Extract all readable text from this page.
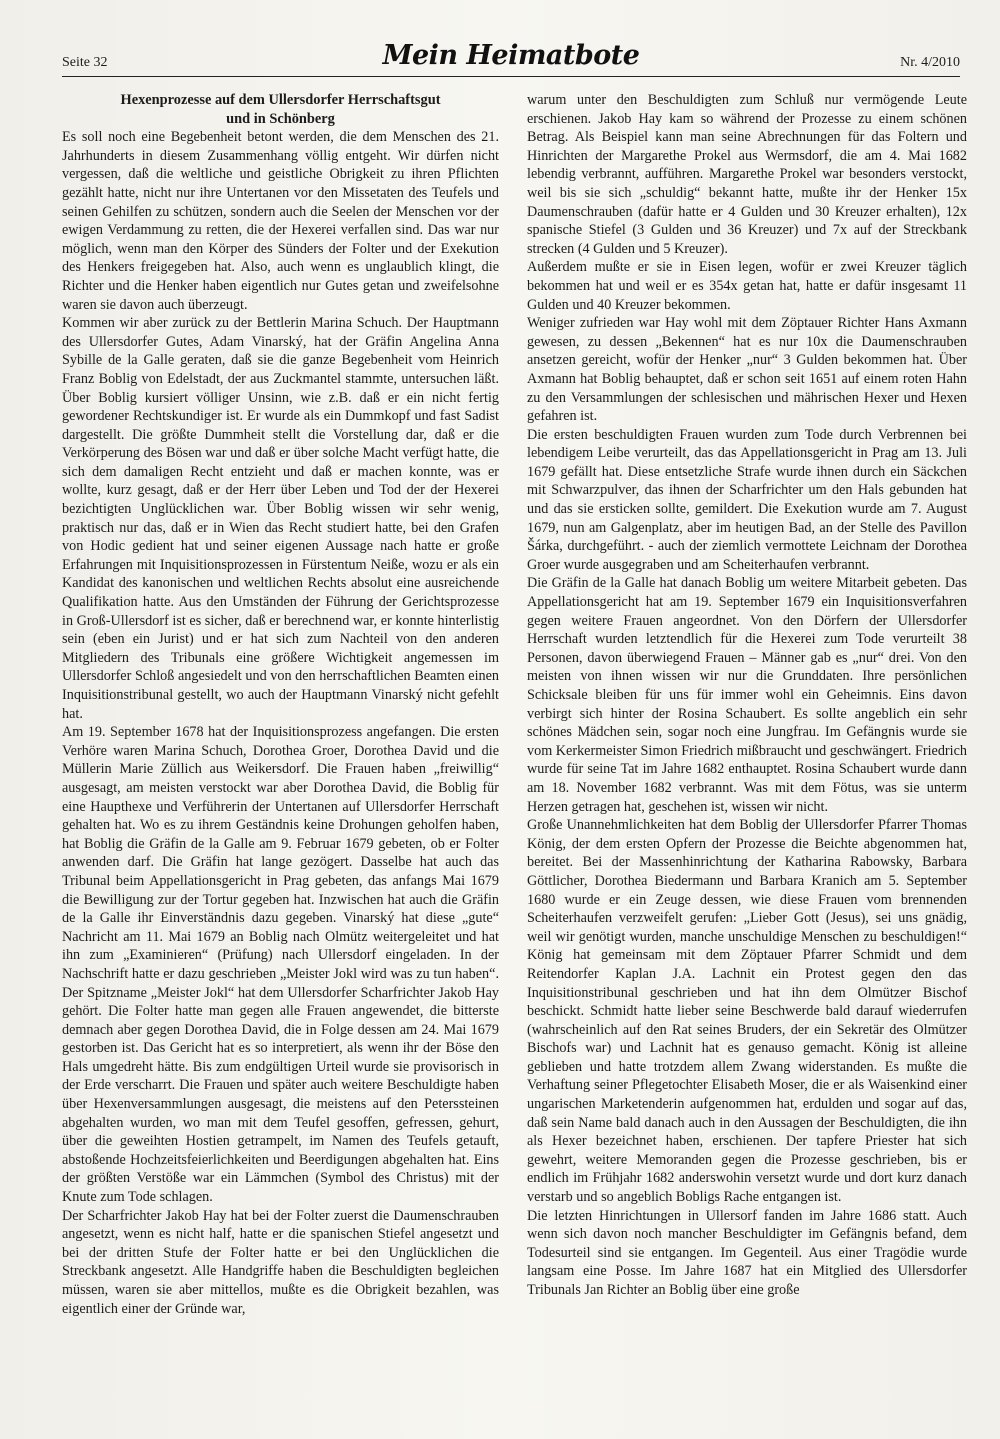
Seite 32	Mein Heimatbote	Nr. 4/2010
Hexenprozesse auf dem Ullersdorfer Herrschaftsgut
und in Schönberg

Es soll noch eine Begebenheit betont werden, die dem Menschen des 21. Jahrhunderts in diesem Zusammenhang völlig entgeht. Wir dürfen nicht vergessen, daß die weltliche und geistliche Obrigkeit zu ihren Pflichten gezählt hatte, nicht nur ihre Untertanen vor den Missetaten des Teufels und seinen Gehilfen zu schützen, sondern auch die Seelen der Menschen vor der ewigen Verdammung zu retten, die der Hexerei verfallen sind. Das war nur möglich, wenn man den Körper des Sünders der Folter und der Exekution des Henkers freigegeben hat. Also, auch wenn es unglaublich klingt, die Richter und die Henker haben eigentlich nur Gutes getan und zweifelsohne waren sie davon auch überzeugt.

Kommen wir aber zurück zu der Bettlerin Marina Schuch. Der Hauptmann des Ullersdorfer Gutes, Adam Vinarský, hat der Gräfin Angelina Anna Sybille de la Galle geraten, daß sie die ganze Begebenheit vom Heinrich Franz Boblig von Edelstadt, der aus Zuckmantel stammte, untersuchen läßt. Über Boblig kursiert völliger Unsinn, wie z.B. daß er ein nicht fertig gewordener Rechtskundiger ist. Er wurde als ein Dummkopf und fast Sadist dargestellt. Die größte Dummheit stellt die Vorstellung dar, daß er die Verkörperung des Bösen war und daß er über solche Macht verfügt hatte, die sich dem damaligen Recht entzieht und daß er machen konnte, was er wollte, kurz gesagt, daß er der Herr über Leben und Tod der der Hexerei bezichtigten Unglücklichen war. Über Boblig wissen wir sehr wenig, praktisch nur das, daß er in Wien das Recht studiert hatte, bei den Grafen von Hodic gedient hat und seiner eigenen Aussage nach hatte er große Erfahrungen mit Inquisitionsprozessen in Fürstentum Neiße, wozu er als ein Kandidat des kanonischen und weltlichen Rechts absolut eine ausreichende Qualifikation hatte. Aus den Umständen der Führung der Gerichtsprozesse in Groß-Ullersdorf ist es sicher, daß er berechnend war, er konnte hinterlistig sein (eben ein Jurist) und er hat sich zum Nachteil von den anderen Mitgliedern des Tribunals eine größere Wichtigkeit angemessen im Ullersdorfer Schloß angesiedelt und von den herrschaftlichen Beamten einen Inquisitionstribunal gestellt, wo auch der Hauptmann Vinarský nicht gefehlt hat.

Am 19. September 1678 hat der Inquisitionsprozess angefangen. Die ersten Verhöre waren Marina Schuch, Dorothea Groer, Dorothea David und die Müllerin Marie Züllich aus Weikersdorf. Die Frauen haben „freiwillig“ ausgesagt, am meisten verstockt war aber Dorothea David, die Boblig für eine Haupthexe und Verführerin der Untertanen auf Ullersdorfer Herrschaft gehalten hat. Wo es zu ihrem Geständnis keine Drohungen geholfen haben, hat Boblig die Gräfin de la Galle am 9. Februar 1679 gebeten, ob er Folter anwenden darf. Die Gräfin hat lange gezögert. Dasselbe hat auch das Tribunal beim Appellationsgericht in Prag gebeten, das anfangs Mai 1679 die Bewilligung zur der Tortur gegeben hat. Inzwischen hat auch die Gräfin de la Galle ihr Einverständnis dazu gegeben. Vinarský hat diese „gute“ Nachricht am 11. Mai 1679 an Boblig nach Olmütz weitergeleitet und hat ihn zum „Examinieren“ (Prüfung) nach Ullersdorf eingeladen. In der Nachschrift hatte er dazu geschrieben „Meister Jokl wird was zu tun haben“. Der Spitzname „Meister Jokl“ hat dem Ullersdorfer Scharfrichter Jakob Hay gehört. Die Folter hatte man gegen alle Frauen angewendet, die bitterste demnach aber gegen Dorothea David, die in Folge dessen am 24. Mai 1679 gestorben ist. Das Gericht hat es so interpretiert, als wenn ihr der Böse den Hals umgedreht hätte. Bis zum endgültigen Urteil wurde sie provisorisch in der Erde verscharrt. Die Frauen und später auch weitere Beschuldigte haben über Hexenversammlungen ausgesagt, die meistens auf den Peterssteinen abgehalten wurden, wo man mit dem Teufel gesoffen, gefressen, gehurt, über die geweihten Hostien getrampelt, im Namen des Teufels getauft, abstoßende Hochzeitsfeierlichkeiten und Beerdigungen abgehalten hat. Eins der größten Verstöße war ein Lämmchen (Symbol des Christus) mit der Knute zum Tode schlagen.

Der Scharfrichter Jakob Hay hat bei der Folter zuerst die Daumenschrauben angesetzt, wenn es nicht half, hatte er die spanischen Stiefel angesetzt und bei der dritten Stufe der Folter hatte er bei den Unglücklichen die Streckbank angesetzt. Alle Handgriffe haben die Beschuldigten begleichen müssen, waren sie aber mittellos, mußte es die Obrigkeit bezahlen, was eigentlich einer der Gründe war,

warum unter den Beschuldigten zum Schluß nur vermögende Leute erschienen. Jakob Hay kam so während der Prozesse zu einem schönen Betrag. Als Beispiel kann man seine Abrechnungen für das Foltern und Hinrichten der Margarethe Prokel aus Wermsdorf, die am 4. Mai 1682 lebendig verbrannt, aufführen. Margarethe Prokel war besonders verstockt, weil bis sie sich „schuldig“ bekannt hatte, mußte ihr der Henker 15x Daumenschrauben (dafür hatte er 4 Gulden und 30 Kreuzer erhalten), 12x spanische Stiefel (3 Gulden und 36 Kreuzer) und 7x auf der Streckbank strecken (4 Gulden und 5 Kreuzer).

Außerdem mußte er sie in Eisen legen, wofür er zwei Kreuzer täglich bekommen hat und weil er es 354x getan hat, hatte er dafür insgesamt 11 Gulden und 40 Kreuzer bekommen.

Weniger zufrieden war Hay wohl mit dem Zöptauer Richter Hans Axmann gewesen, zu dessen „Bekennen“ hat es nur 10x die Daumenschrauben ansetzen gereicht, wofür der Henker „nur“ 3 Gulden bekommen hat. Über Axmann hat Boblig behauptet, daß er schon seit 1651 auf einem roten Hahn zu den Versammlungen der schlesischen und mährischen Hexer und Hexen gefahren ist.

Die ersten beschuldigten Frauen wurden zum Tode durch Verbrennen bei lebendigem Leibe verurteilt, das das Appellationsgericht in Prag am 13. Juli 1679 gefällt hat. Diese entsetzliche Strafe wurde ihnen durch ein Säckchen mit Schwarzpulver, das ihnen der Scharfrichter um den Hals gebunden hat und das sie ersticken sollte, gemildert. Die Exekution wurde am 7. August 1679, nun am Galgenplatz, aber im heutigen Bad, an der Stelle des Pavillon Šárka, durchgeführt. - auch der ziemlich vermottete Leichnam der Dorothea Groer wurde ausgegraben und am Scheiterhaufen verbrannt.

Die Gräfin de la Galle hat danach Boblig um weitere Mitarbeit gebeten. Das Appellationsgericht hat am 19. September 1679 ein Inquisitionsverfahren gegen weitere Frauen angeordnet. Von den Dörfern der Ullersdorfer Herrschaft wurden letztendlich für die Hexerei zum Tode verurteilt 38 Personen, davon überwiegend Frauen – Männer gab es „nur“ drei. Von den meisten von ihnen wissen wir nur die Grunddaten. Ihre persönlichen Schicksale bleiben für uns für immer wohl ein Geheimnis. Eins davon verbirgt sich hinter der Rosina Schaubert. Es sollte angeblich ein sehr schönes Mädchen sein, sogar noch eine Jungfrau. Im Gefängnis wurde sie vom Kerkermeister Simon Friedrich mißbraucht und geschwängert. Friedrich wurde für seine Tat im Jahre 1682 enthauptet. Rosina Schaubert wurde dann am 18. November 1682 verbrannt. Was mit dem Fötus, was sie unterm Herzen getragen hat, geschehen ist, wissen wir nicht.

Große Unannehmlichkeiten hat dem Boblig der Ullersdorfer Pfarrer Thomas König, der dem ersten Opfern der Prozesse die Beichte abgenommen hat, bereitet. Bei der Massenhinrichtung der Katharina Rabowsky, Barbara Göttlicher, Dorothea Biedermann und Barbara Kranich am 5. September 1680 wurde er ein Zeuge dessen, wie diese Frauen vom brennenden Scheiterhaufen verzweifelt gerufen: „Lieber Gott (Jesus), sei uns gnädig, weil wir genötigt wurden, manche unschuldige Menschen zu beschuldigen!“ König hat gemeinsam mit dem Zöptauer Pfarrer Schmidt und dem Reitendorfer Kaplan J.A. Lachnit ein Protest gegen den das Inquisitionstribunal geschrieben und hat ihn dem Olmützer Bischof beschickt. Schmidt hatte lieber seine Beschwerde bald darauf wiederrufen (wahrscheinlich auf den Rat seines Bruders, der ein Sekretär des Olmützer Bischofs war) und Lachnit hat es genauso gemacht. König ist alleine geblieben und hatte trotzdem allem Zwang widerstanden. Es mußte die Verhaftung seiner Pflegetochter Elisabeth Moser, die er als Waisenkind einer ungarischen Marketenderin aufgenommen hat, erdulden und sogar auf das, daß sein Name bald danach auch in den Aussagen der Beschuldigten, die ihn als Hexer bezeichnet haben, erschienen. Der tapfere Priester hat sich gewehrt, weitere Memoranden gegen die Prozesse geschrieben, bis er endlich im Frühjahr 1682 anderswohin versetzt wurde und dort kurz danach verstarb und so angeblich Bobligs Rache entgangen ist.

Die letzten Hinrichtungen in Ullersorf fanden im Jahre 1686 statt. Auch wenn sich davon noch mancher Beschuldigter im Gefängnis befand, dem Todesurteil sind sie entgangen. Im Gegenteil. Aus einer Tragödie wurde langsam eine Posse. Im Jahre 1687 hat ein Mitglied des Ullersdorfer Tribunals Jan Richter an Boblig über eine große
